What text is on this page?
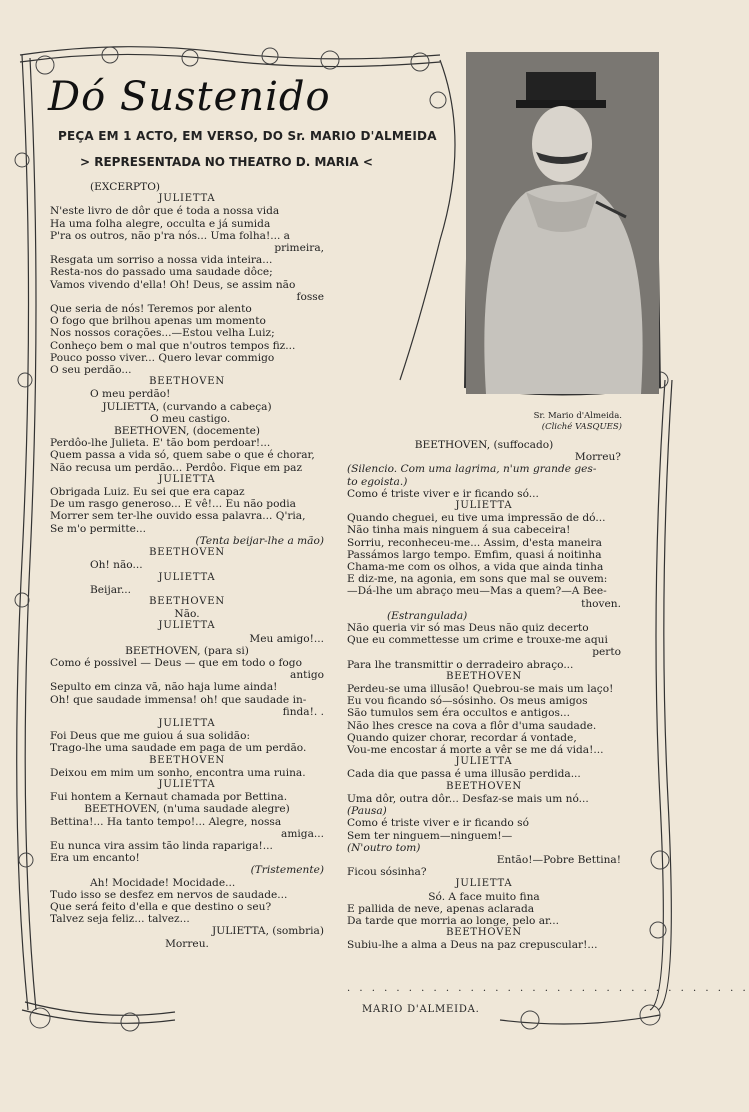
Dó Sustenido
PEÇA EM 1 ACTO, EM VERSO, DO Sr. MARIO D'ALMEIDA
> REPRESENTADA NO THEATRO D. MARIA <
(EXCERPTO)
JULIETTA
N'este livro de dôr que é toda a nossa vida
Ha uma folha alegre, occulta e já sumida
P'ra os outros, não p'ra nós... Uma folha!... a
primeira,
Resgata um sorriso a nossa vida inteira...
Resta-nos do passado uma saudade dôce;
Vamos vivendo d'ella! Oh! Deus, se assim não
fosse
Que seria de nós! Teremos por alento
O fogo que brilhou apenas um momento
Nos nossos corações...—Estou velha Luiz;
Conheço bem o mal que n'outros tempos fiz...
Pouco posso viver... Quero levar commigo
O seu perdão...
BEETHOVEN
O meu perdão!
JULIETTA, (curvando a cabeça)
O meu castigo.
BEETHOVEN, (docemente)
Perdôo-lhe Julieta. E' tão bom perdoar!...
Quem passa a vida só, quem sabe o que é chorar,
Não recusa um perdão... Perdôo. Fique em paz
JULIETTA
Obrigada Luiz. Eu sei que era capaz
De um rasgo generoso... E vê!... Eu não podia
Morrer sem ter-lhe ouvido essa palavra... Q'ria,
Se m'o permitte...
(Tenta beijar-lhe a mão)
BEETHOVEN
Oh! não...
JULIETTA
Beijar...
BEETHOVEN
Não.
JULIETTA
Meu amigo!...
BEETHOVEN, (para si)
Como é possivel — Deus — que em todo o fogo
antigo
Sepulto em cinza vã, não haja lume ainda!
Oh! que saudade immensa! oh! que saudade in-
finda!. .
JULIETTA
Foi Deus que me guiou á sua solidão:
Trago-lhe uma saudade em paga de um perdão.
BEETHOVEN
Deixou em mim um sonho, encontra uma ruina.
JULIETTA
Fui hontem a Kernaut chamada por Bettina.
BEETHOVEN, (n'uma saudade alegre)
Bettina!... Ha tanto tempo!... Alegre, nossa
amiga...
Eu nunca vira assim tão linda rapariga!...
Era um encanto!
(Tristemente)
Ah! Mocidade! Mocidade...
Tudo isso se desfez em nervos de saudade...
Que será feito d'ella e que destino o seu?
Talvez seja feliz... talvez...
JULIETTA, (sombria)
Morreu.
Sr. Mario d'Almeida.
(Cliché VASQUES)
BEETHOVEN, (suffocado)
Morreu?
(Silencio. Com uma lagrima, n'um grande ges-
to egoista.)
Como é triste viver e ir ficando só...
JULIETTA
Quando cheguei, eu tive uma impressão de dó...
Não tinha mais ninguem á sua cabeceira!
Sorriu, reconheceu-me... Assim, d'esta maneira
Passámos largo tempo. Emfim, quasi á noitinha
Chama-me com os olhos, a vida que ainda tinha
E diz-me, na agonia, em sons que mal se ouvem:
—Dá-lhe um abraço meu—Mas a quem?—A Bee-
thoven.
(Estrangulada)
Não queria vir só mas Deus não quiz decerto
Que eu commettesse um crime e trouxe-me aqui
perto
Para lhe transmittir o derradeiro abraço...
BEETHOVEN
Perdeu-se uma illusão! Quebrou-se mais um laço!
Eu vou ficando só—sósinho. Os meus amigos
São tumulos sem éra occultos e antigos...
Não lhes cresce na cova a flôr d'uma saudade.
Quando quizer chorar, recordar á vontade,
Vou-me encostar á morte a vêr se me dá vida!...
JULIETTA
Cada dia que passa é uma illusão perdida...
BEETHOVEN
Uma dôr, outra dôr... Desfaz-se mais um nó...
(Pausa)
Como é triste viver e ir ficando só
Sem ter ninguem—ninguem!—
(N'outro tom)
Então!—Pobre Bettina!
Ficou sósinha?
JULIETTA
Só. A face muito fina
E pallida de neve, apenas aclarada
Da tarde que morria ao longe, pelo ar...
BEETHOVEN
Subiu-lhe a alma a Deus na paz crepuscular!...
. . . . . . . . . . . . . . . . . . . . . . . . . . . . . . . . .
MARIO D'ALMEIDA.
